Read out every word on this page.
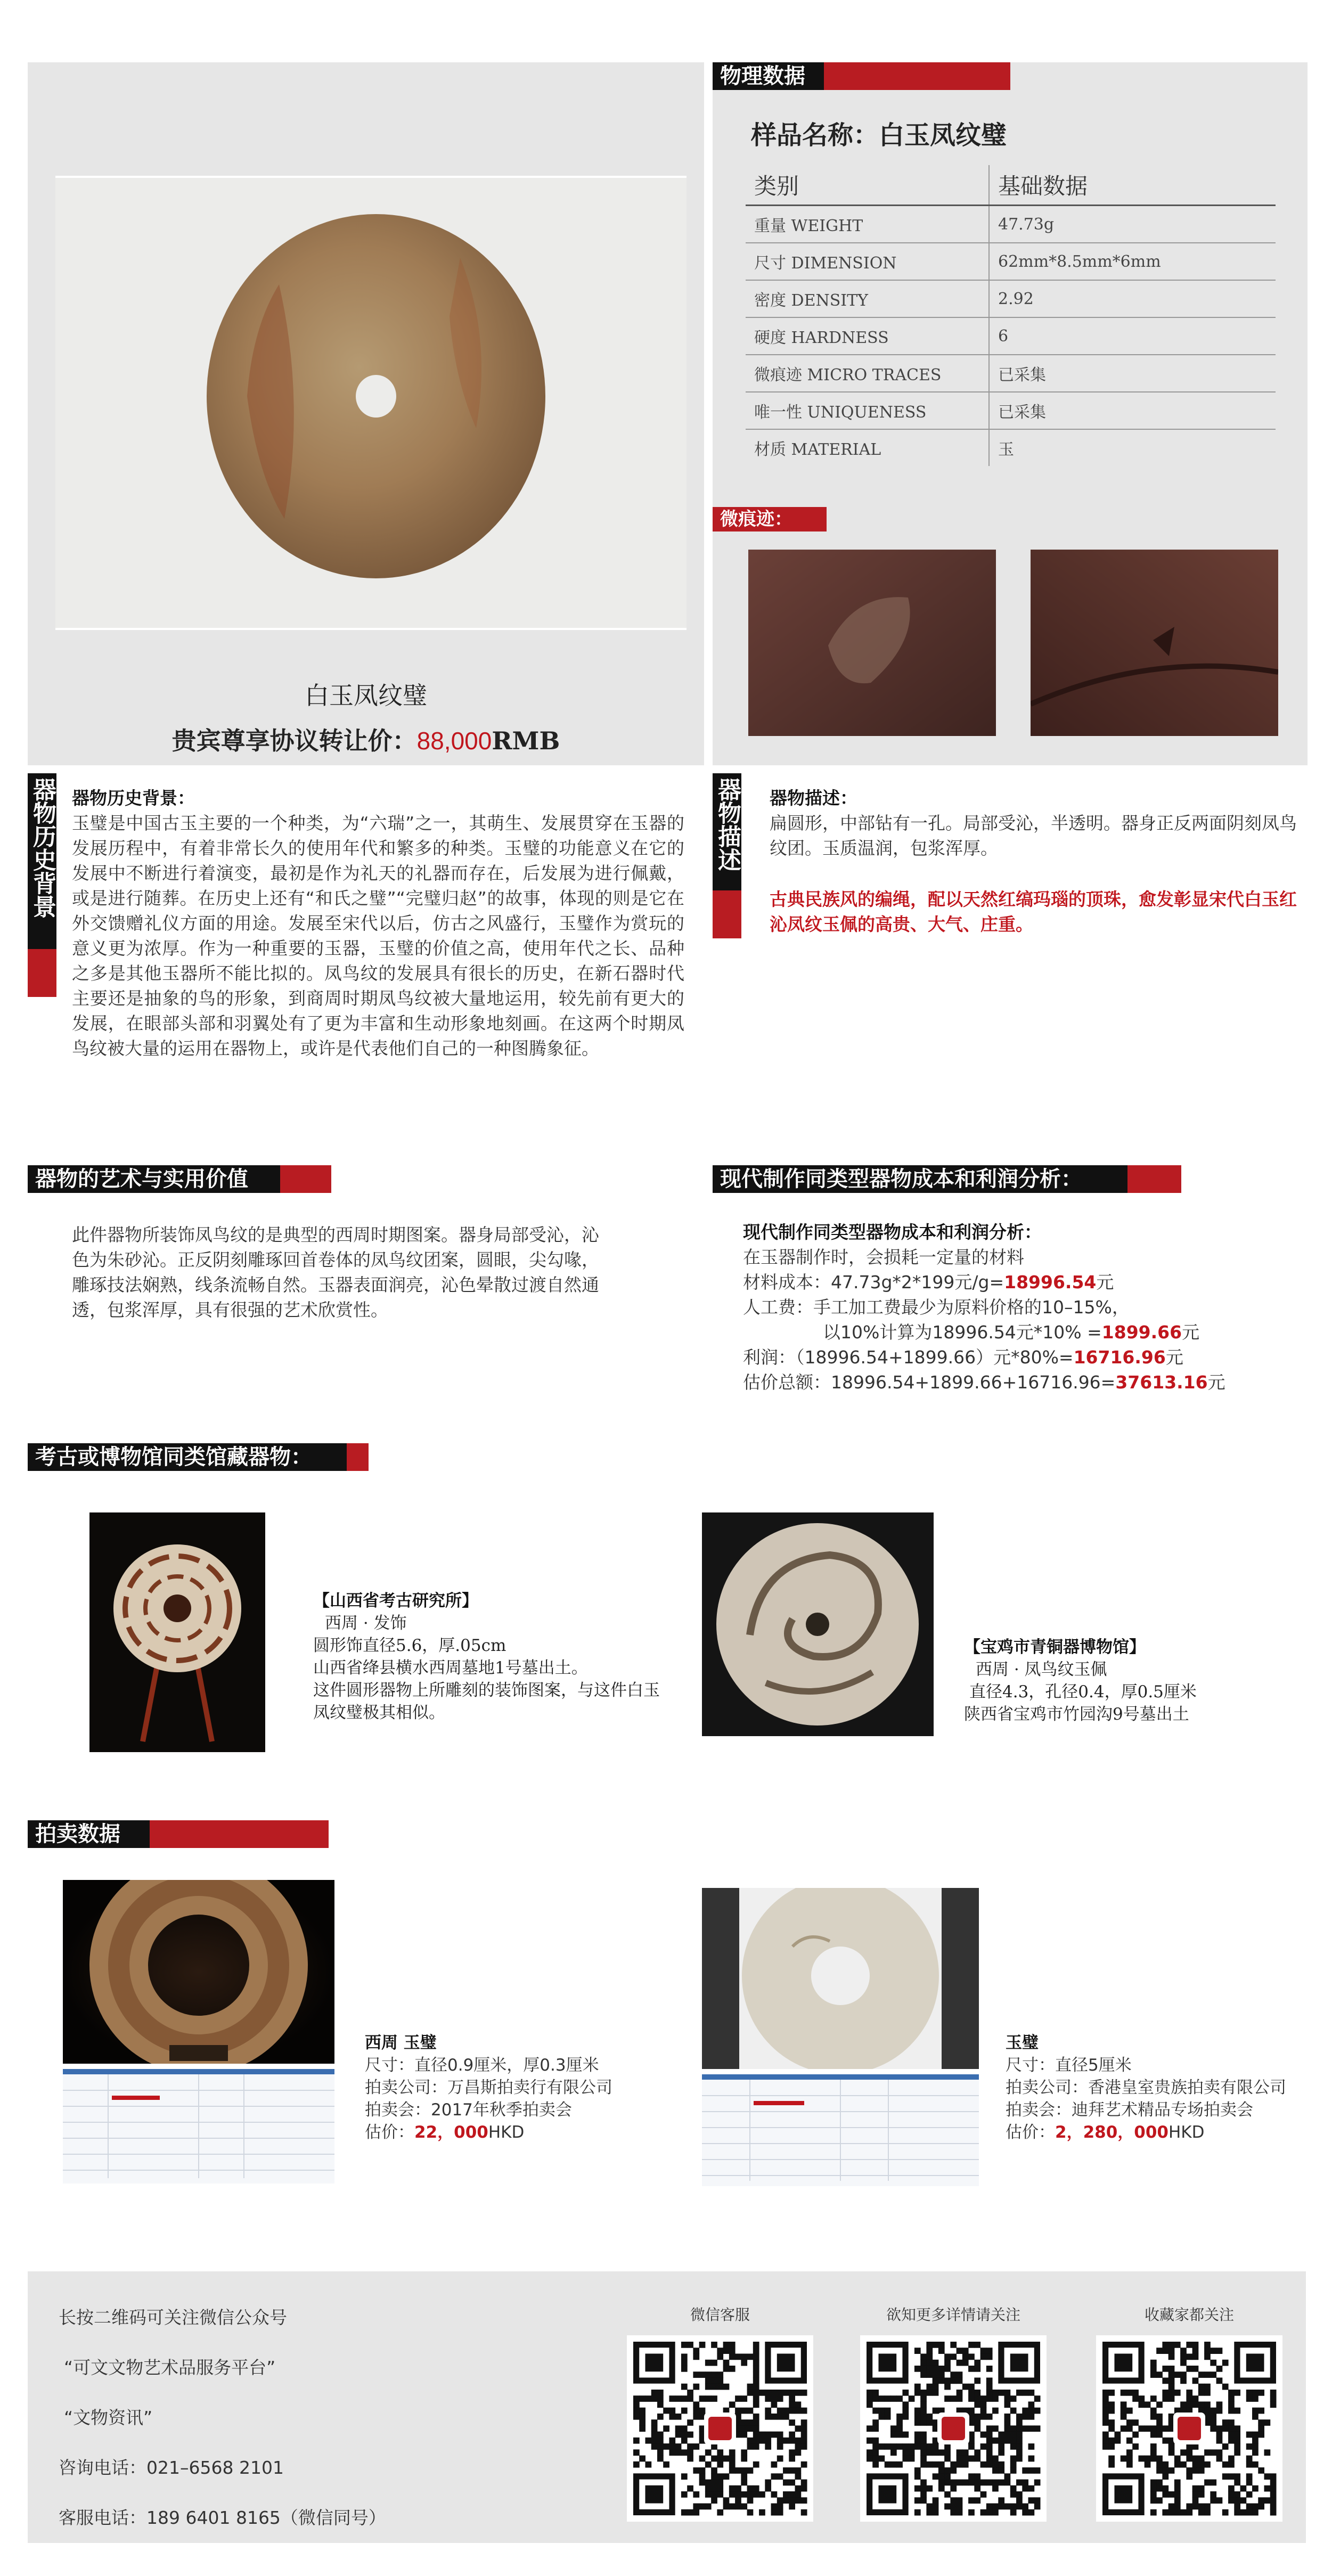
白玉凤纹璧
贵宾尊享协议转让价：88,000RMB
物理数据
样品名称：白玉凤纹璧
类别	基础数据
重量 WEIGHT	47.73g
尺寸 DIMENSION	62mm*8.5mm*6mm
密度 DENSITY	2.92
硬度 HARDNESS	6
微痕迹 MICRO TRACES	已采集
唯一性 UNIQUENESS	已采集
材质 MATERIAL	玉
微痕迹：
器物历史背景 器物历史背景：
玉璧是中国古玉主要的一个种类，为“六瑞”之一，其萌生、发展贯穿在玉器的发展历程中，有着非常长久的使用年代和繁多的种类。玉璧的功能意义在它的发展中不断进行着演变，最初是作为礼天的礼器而存在，后发展为进行佩戴，或是进行随葬。在历史上还有“和氏之璧”“完璧归赵”的故事，体现的则是它在外交馈赠礼仪方面的用途。发展至宋代以后，仿古之风盛行，玉璧作为赏玩的意义更为浓厚。作为一种重要的玉器，玉璧的价值之高，使用年代之长、品种之多是其他玉器所不能比拟的。凤鸟纹的发展具有很长的历史，在新石器时代主要还是抽象的鸟的形象，到商周时期凤鸟纹被大量地运用，较先前有更大的发展，在眼部头部和羽翼处有了更为丰富和生动形象地刻画。在这两个时期凤鸟纹被大量的运用在器物上，或许是代表他们自己的一种图腾象征。
器物描述 器物描述：
扁圆形，中部钻有一孔。局部受沁，半透明。器身正反两面阴刻凤鸟纹团。玉质温润，包浆浑厚。
古典民族风的编绳，配以天然红缟玛瑙的顶珠，愈发彰显宋代白玉红沁凤纹玉佩的高贵、大气、庄重。
器物的艺术与实用价值
此件器物所装饰凤鸟纹的是典型的西周时期图案。器身局部受沁，沁色为朱砂沁。正反阴刻雕琢回首卷体的凤鸟纹团案，圆眼，尖勾喙，雕琢技法娴熟，线条流畅自然。玉器表面润亮，沁色晕散过渡自然通透，包浆浑厚，具有很强的艺术欣赏性。
现代制作同类型器物成本和利润分析：
现代制作同类型器物成本和利润分析：
在玉器制作时，会损耗一定量的材料
材料成本：47.73g*2*199元/g=18996.54元
人工费：手工加工费最少为原料价格的10–15%，
以10%计算为18996.54元*10% =1899.66元
利润：（18996.54+1899.66）元*80%=16716.96元
估价总额：18996.54+1899.66+16716.96=37613.16元
考古或博物馆同类馆藏器物：
【山西省考古研究所】
西周 · 发饰
圆形饰直径5.6，厚.05cm
山西省绛县横水西周墓地1号墓出土。
这件圆形器物上所雕刻的装饰图案，与这件白玉凤纹璧极其相似。
【宝鸡市青铜器博物馆】
西周 · 凤鸟纹玉佩
直径4.3，孔径0.4，厚0.5厘米
陕西省宝鸡市竹园沟9号墓出土
拍卖数据
西周 玉璧
尺寸：直径0.9厘米，厚0.3厘米
拍卖公司：万昌斯拍卖行有限公司
拍卖会：2017年秋季拍卖会
估价：22，000HKD
玉璧
尺寸：直径5厘米
拍卖公司：香港皇室贵族拍卖有限公司
拍卖会：迪拜艺术精品专场拍卖会
估价：2，280，000HKD
长按二维码可关注微信公众号
“可文文物艺术品服务平台”
“文物资讯”
咨询电话：021–6568 2101
客服电话：189 6401 8165（微信同号）
微信客服	欲知更多详情请关注	收藏家都关注
